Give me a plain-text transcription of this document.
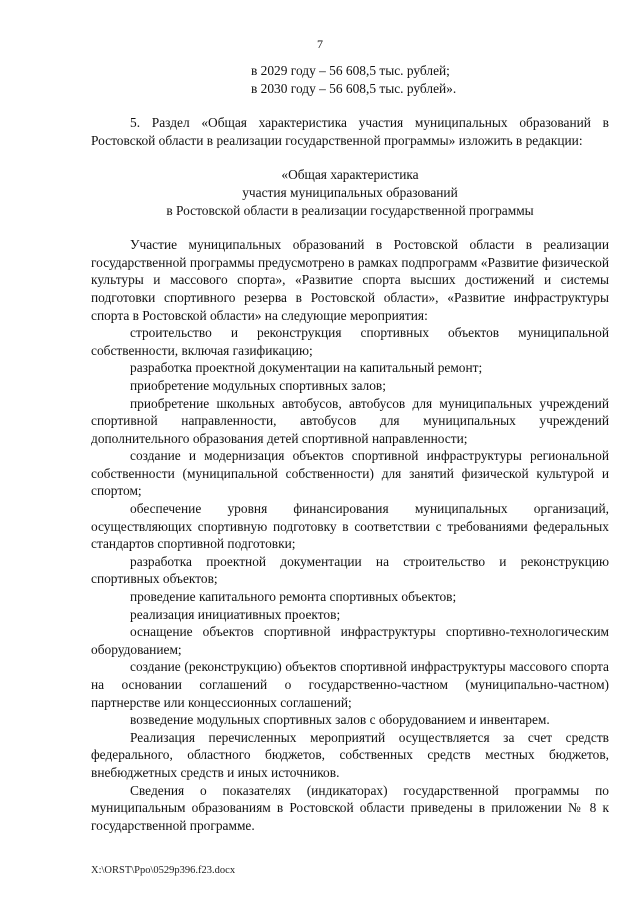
7

в 2029 году – 56 608,5 тыс. рублей;

в 2030 году – 56 608,5 тыс. рублей».

5. Раздел «Общая характеристика участия муниципальных образований в Ростовской области в реализации государственной программы» изложить в редакции:

«Общая характеристика

участия муниципальных образований

в Ростовской области в реализации государственной программы

Участие муниципальных образований в Ростовской области в реализации государственной программы предусмотрено в рамках подпрограмм «Развитие физической культуры и массового спорта», «Развитие спорта высших достижений и системы подготовки спортивного резерва в Ростовской области», «Развитие инфраструктуры спорта в Ростовской области» на следующие мероприятия:

строительство и реконструкция спортивных объектов муниципальной собственности, включая газификацию;

разработка проектной документации на капитальный ремонт;

приобретение модульных спортивных залов;

приобретение школьных автобусов, автобусов для муниципальных учреждений спортивной направленности, автобусов для муниципальных учреждений дополнительного образования детей спортивной направленности;

создание и модернизация объектов спортивной инфраструктуры региональной собственности (муниципальной собственности) для занятий физической культурой и спортом;

обеспечение уровня финансирования муниципальных организаций, осуществляющих спортивную подготовку в соответствии с требованиями федеральных стандартов спортивной подготовки;

разработка проектной документации на строительство и реконструкцию спортивных объектов;

проведение капитального ремонта спортивных объектов;

реализация инициативных проектов;

оснащение объектов спортивной инфраструктуры спортивно-технологическим оборудованием;

создание (реконструкцию) объектов спортивной инфраструктуры массового спорта на основании соглашений о государственно-частном (муниципально-частном) партнерстве или концессионных соглашений;

возведение модульных спортивных залов с оборудованием и инвентарем.

Реализация перечисленных мероприятий осуществляется за счет средств федерального, областного бюджетов, собственных средств местных бюджетов, внебюджетных средств и иных источников.

Сведения о показателях (индикаторах) государственной программы по муниципальным образованиям в Ростовской области приведены в приложении № 8 к государственной программе.

X:\ORST\Ppo\0529p396.f23.docx
